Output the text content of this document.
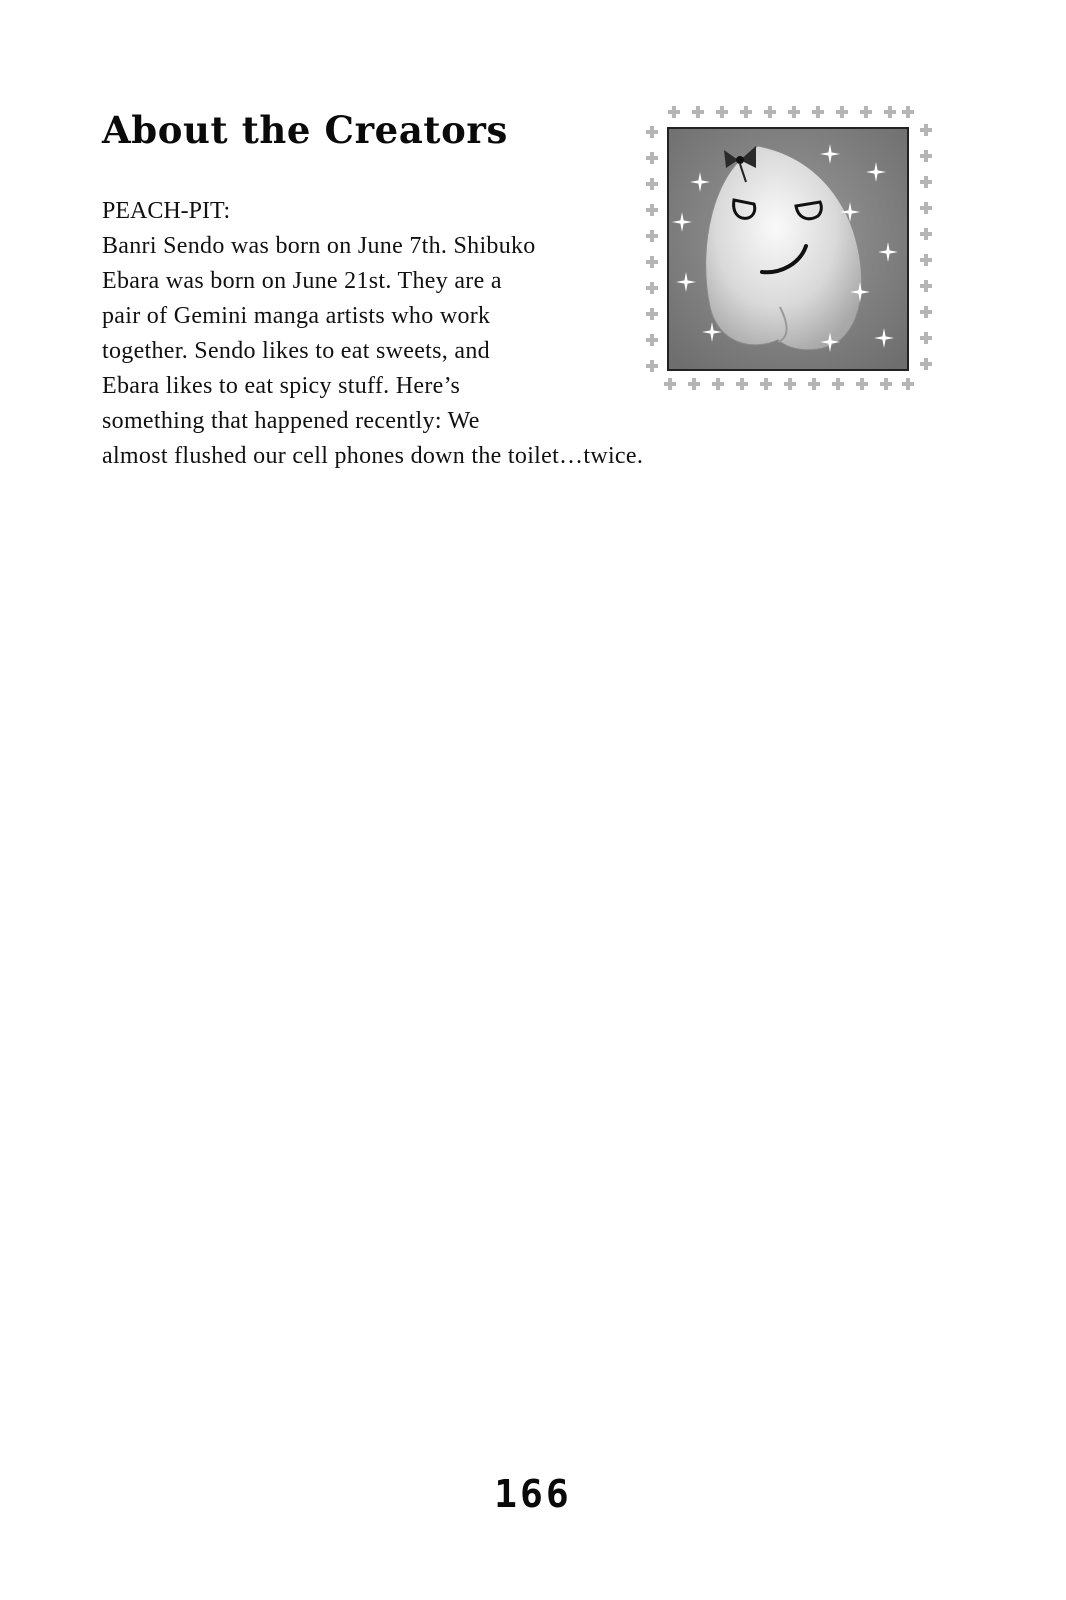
About the Creators
PEACH-PIT:

Banri Sendo was born on June 7th. Shibuko
Ebara was born on June 21st. They are a
pair of Gemini manga artists who work
together. Sendo likes to eat sweets, and
Ebara likes to eat spicy stuff. Here’s
something that happened recently: We
almost flushed our cell phones down the toilet…twice.

166
